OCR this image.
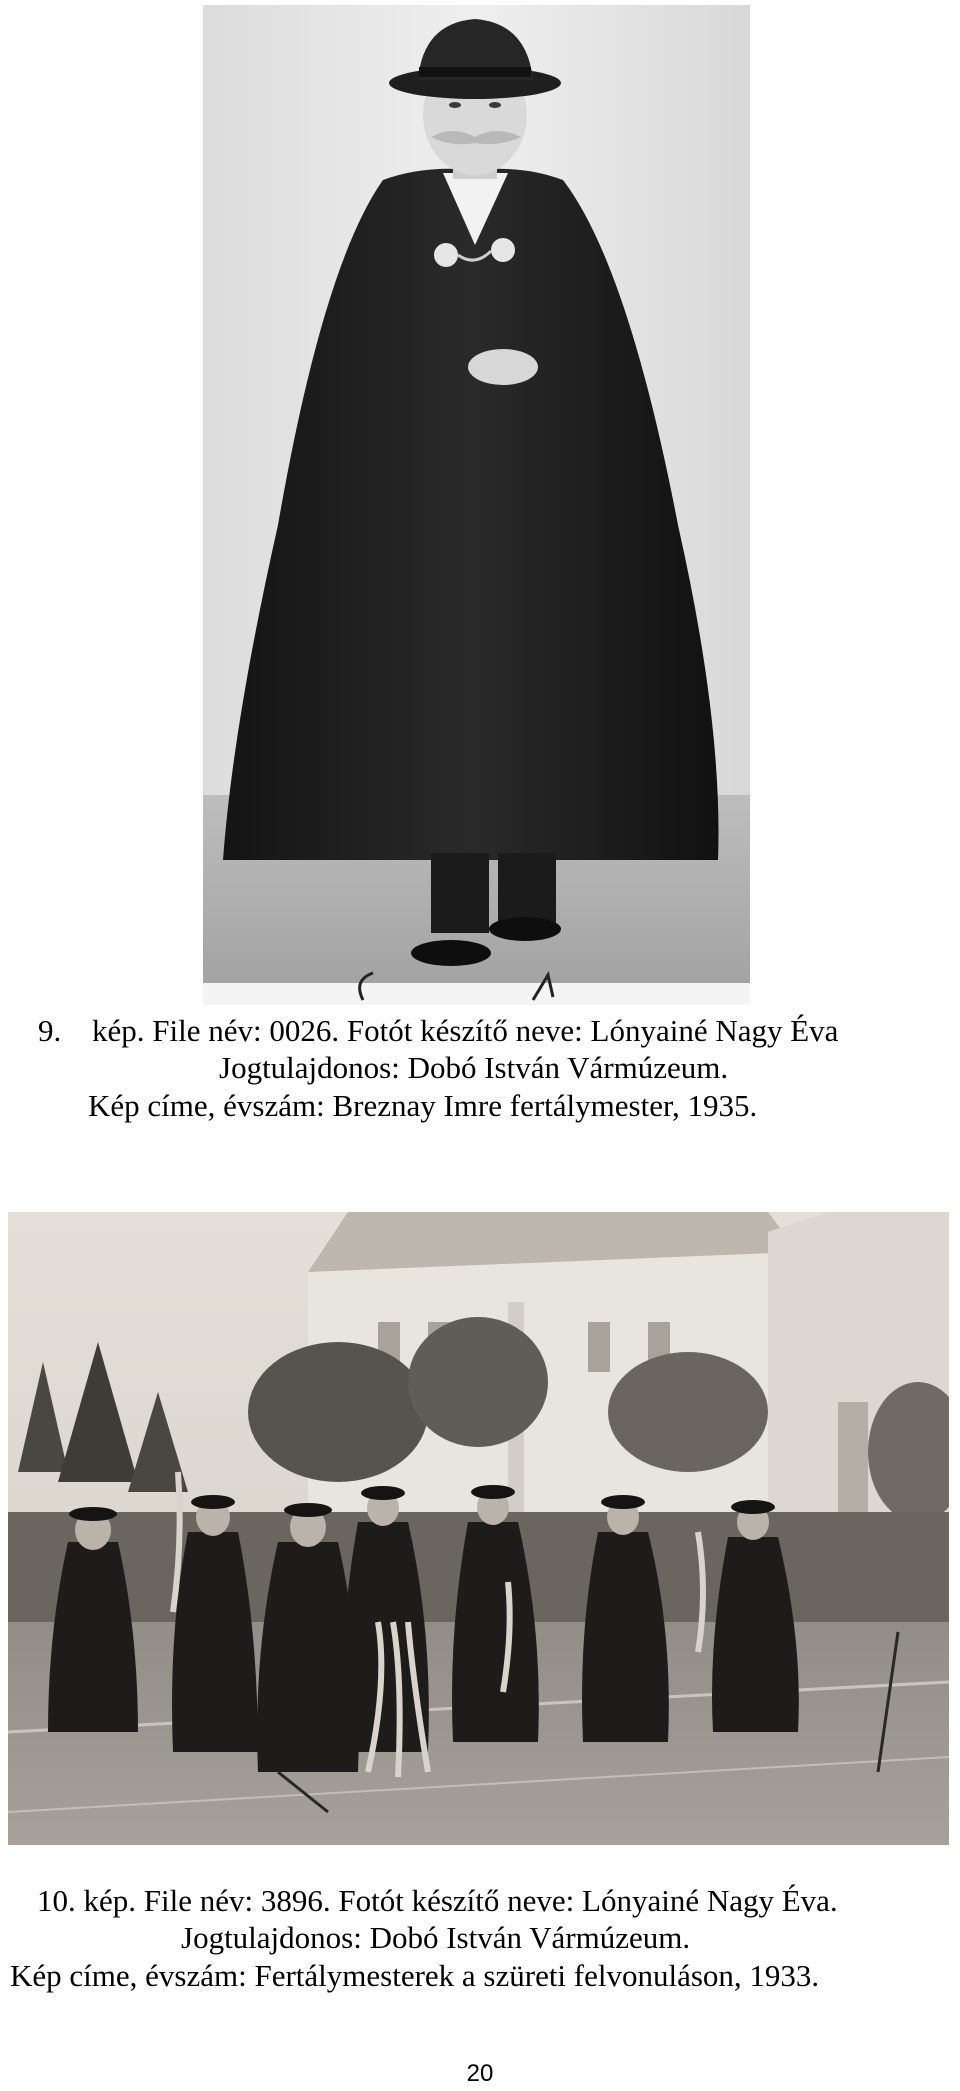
9. kép. File név: 0026. Fotót készítő neve: Lónyainé Nagy Éva
Jogtulajdonos: Dobó István Vármúzeum.
Kép címe, évszám: Breznay Imre fertálymester, 1935.
10. kép. File név: 3896. Fotót készítő neve: Lónyainé Nagy Éva.
Jogtulajdonos: Dobó István Vármúzeum.
Kép címe, évszám: Fertálymesterek a szüreti felvonuláson, 1933.
20
